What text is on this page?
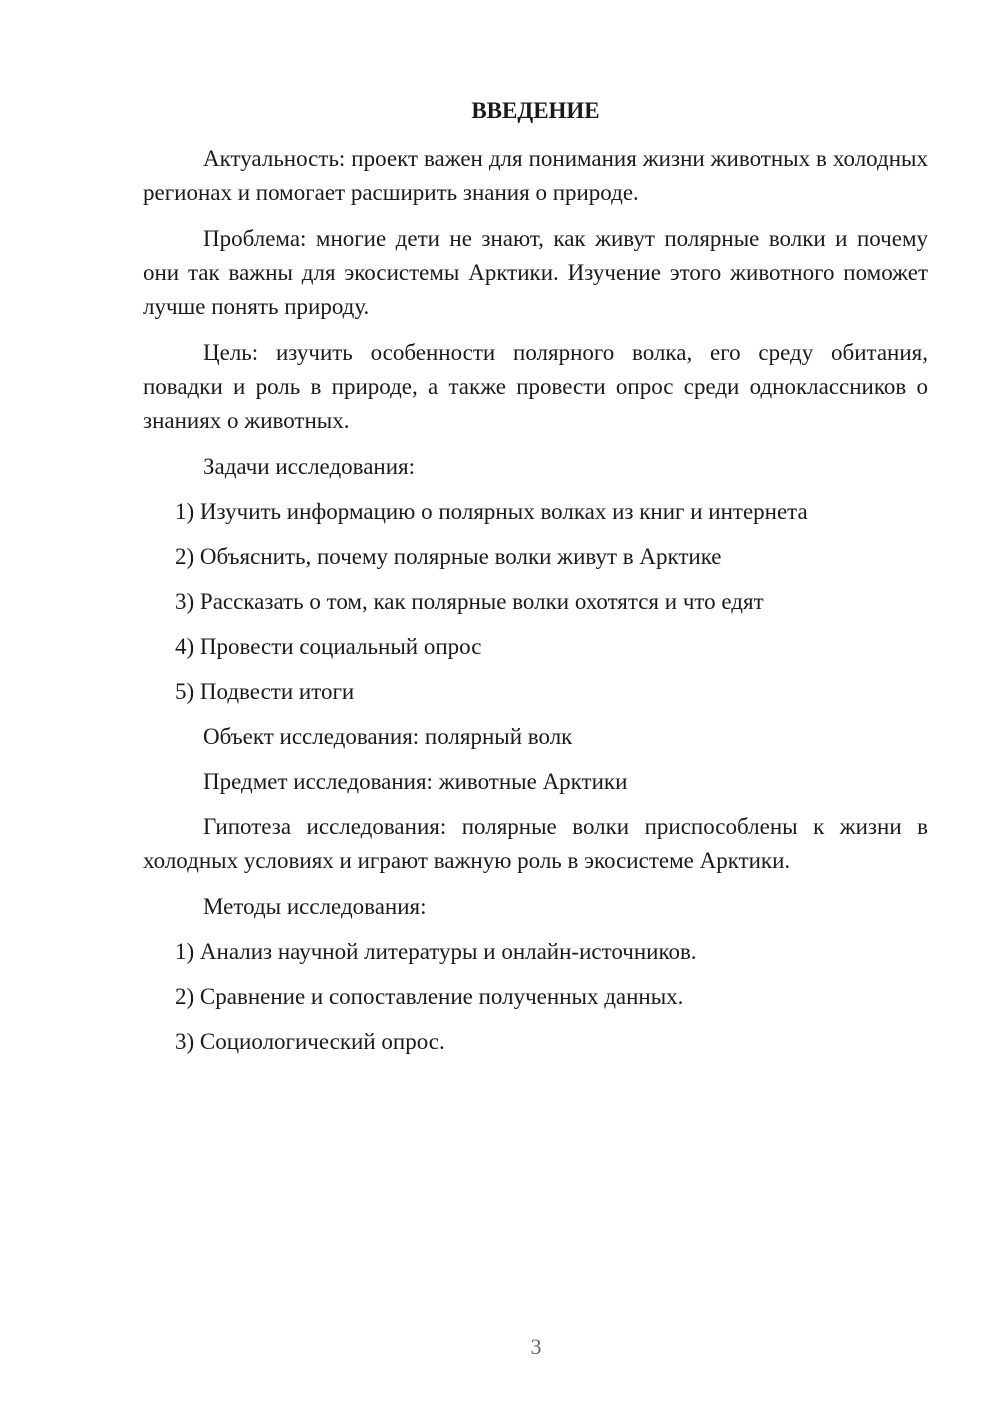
ВВЕДЕНИЕ

Актуальность: проект важен для понимания жизни животных в холодных регионах и помогает расширить знания о природе.

Проблема: многие дети не знают, как живут полярные волки и почему они так важны для экосистемы Арктики. Изучение этого животного поможет лучше понять природу.

Цель: изучить особенности полярного волка, его среду обитания, повадки и роль в природе, а также провести опрос среди одноклассников о знаниях о животных.

Задачи исследования:
1) Изучить информацию о полярных волках из книг и интернета
2) Объяснить, почему полярные волки живут в Арктике
3) Рассказать о том, как полярные волки охотятся и что едят
4) Провести социальный опрос
5) Подвести итоги
Объект исследования: полярный волк
Предмет исследования: животные Арктики

Гипотеза исследования: полярные волки приспособлены к жизни в холодных условиях и играют важную роль в экосистеме Арктики.

Методы исследования:
1) Анализ научной литературы и онлайн-источников.
2) Сравнение и сопоставление полученных данных.
3) Социологический опрос.
3
